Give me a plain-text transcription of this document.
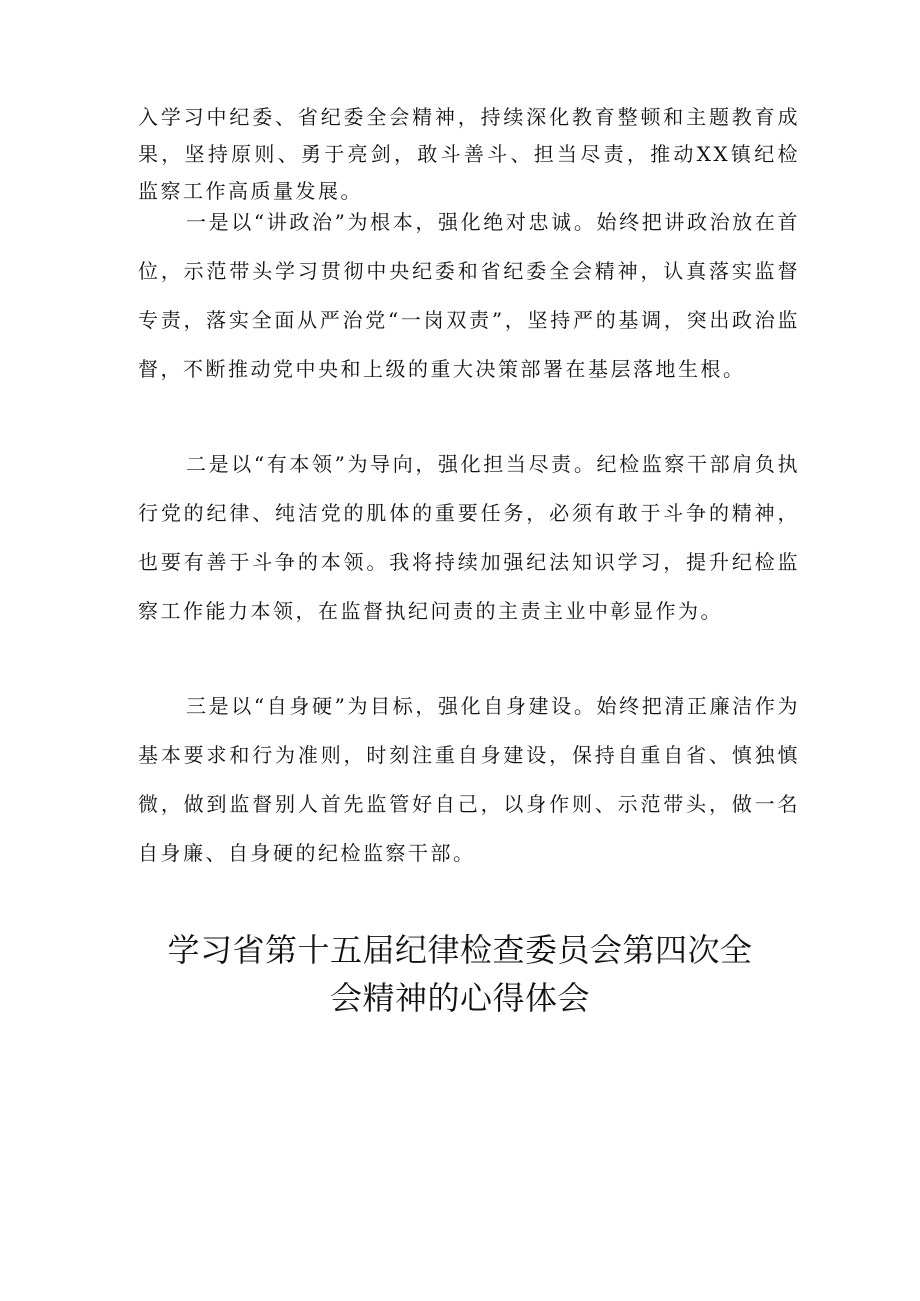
入学习中纪委、省纪委全会精神，持续深化教育整顿和主题教育成果，坚持原则、勇于亮剑，敢斗善斗、担当尽责，推动XX镇纪检监察工作高质量发展。

一是以“讲政治”为根本，强化绝对忠诚。始终把讲政治放在首位，示范带头学习贯彻中央纪委和省纪委全会精神，认真落实监督专责，落实全面从严治党“一岗双责”，坚持严的基调，突出政治监督，不断推动党中央和上级的重大决策部署在基层落地生根。

二是以“有本领”为导向，强化担当尽责。纪检监察干部肩负执行党的纪律、纯洁党的肌体的重要任务，必须有敢于斗争的精神，也要有善于斗争的本领。我将持续加强纪法知识学习，提升纪检监察工作能力本领，在监督执纪问责的主责主业中彰显作为。

三是以“自身硬”为目标，强化自身建设。始终把清正廉洁作为基本要求和行为准则，时刻注重自身建设，保持自重自省、慎独慎微，做到监督别人首先监管好自己，以身作则、示范带头，做一名自身廉、自身硬的纪检监察干部。

学习省第十五届纪律检查委员会第四次全
会精神的心得体会
